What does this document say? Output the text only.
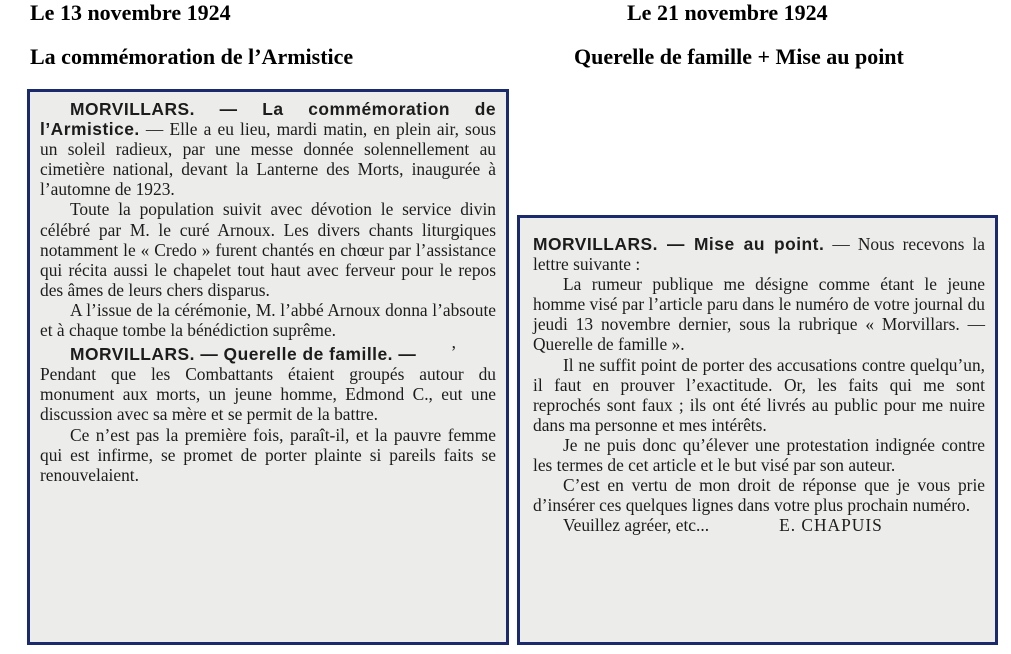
Le 13 novembre 1924
La commémoration de l’Armistice
Le 21 novembre 1924
Querelle de famille + Mise au point

MORVILLARS. — La commémoration de l’Armistice. — Elle a eu lieu, mardi matin, en plein air, sous un soleil radieux, par une messe donnée solennellement au cimetière national, devant la Lanterne des Morts, inaugurée à l’automne de 1923.

Toute la population suivit avec dévotion le service divin célébré par M. le curé Arnoux. Les divers chants liturgiques notamment le « Credo » furent chantés en chœur par l’assistance qui récita aussi le chapelet tout haut avec ferveur pour le repos des âmes de leurs chers disparus.

A l’issue de la cérémonie, M. l’abbé Arnoux donna l’absoute et à chaque tombe la bénédiction suprême.

,

MORVILLARS. — Querelle de famille. —

Pendant que les Combattants étaient groupés autour du monument aux morts, un jeune homme, Edmond C., eut une discussion avec sa mère et se permit de la battre.

Ce n’est pas la première fois, paraît-il, et la pauvre femme qui est infirme, se promet de porter plainte si pareils faits se renouvelaient.

MORVILLARS. — Mise au point. — Nous recevons la lettre suivante :

La rumeur publique me désigne comme étant le jeune homme visé par l’article paru dans le numéro de votre journal du jeudi 13 novembre dernier, sous la rubrique « Morvillars. — Querelle de famille ».

Il ne suffit point de porter des accusations contre quelqu’un, il faut en prouver l’exactitude. Or, les faits qui me sont reprochés sont faux ; ils ont été livrés au public pour me nuire dans ma personne et mes intérêts.

Je ne puis donc qu’élever une protestation indignée contre les termes de cet article et le but visé par son auteur.

C’est en vertu de mon droit de réponse que je vous prie d’insérer ces quelques lignes dans votre plus prochain numéro.

Veuillez agréer, etc...	E. CHAPUIS
